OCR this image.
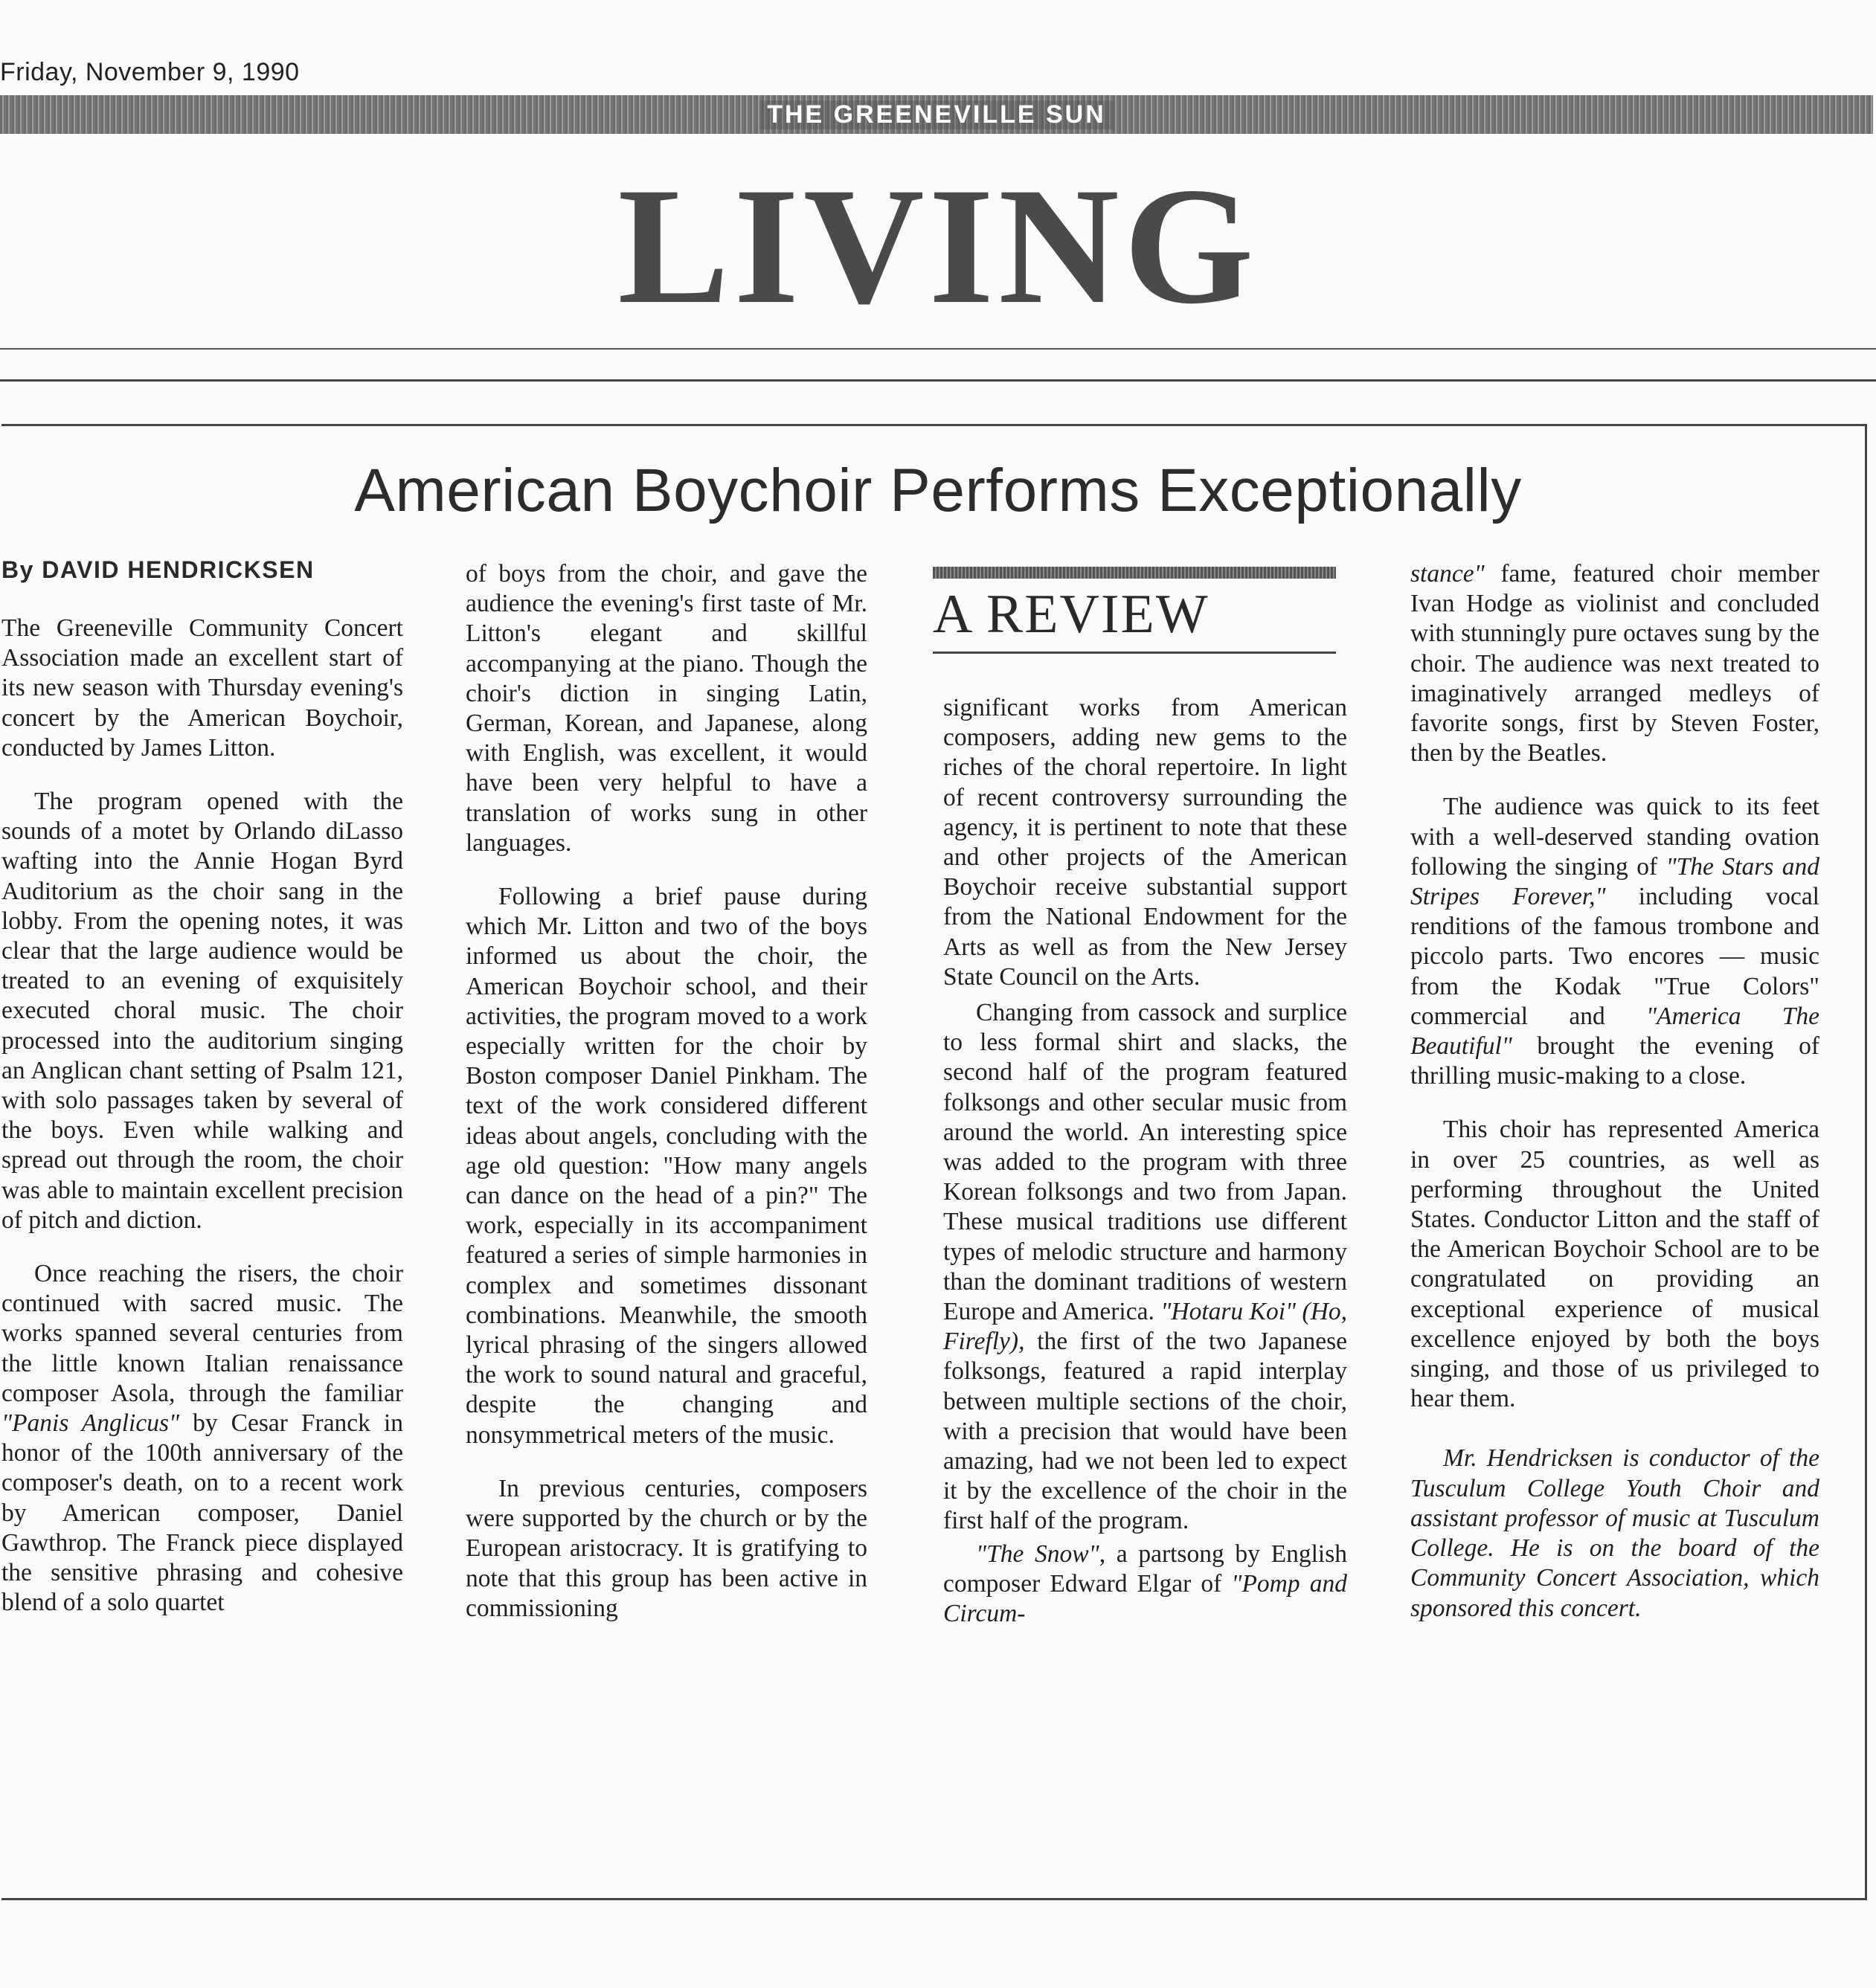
Friday, November 9, 1990
THE GREENEVILLE SUN
LIVING
American Boychoir Performs Exceptionally
By DAVID HENDRICKSEN

The Greeneville Community Concert Association made an excellent start of its new season with Thursday evening's concert by the American Boychoir, conducted by James Litton.

The program opened with the sounds of a motet by Orlando diLasso wafting into the Annie Hogan Byrd Auditorium as the choir sang in the lobby. From the opening notes, it was clear that the large audience would be treated to an evening of exquisitely executed choral music. The choir processed into the auditorium singing an Anglican chant setting of Psalm 121, with solo passages taken by several of the boys. Even while walking and spread out through the room, the choir was able to maintain excellent precision of pitch and diction.

Once reaching the risers, the choir continued with sacred music. The works spanned several centuries from the little known Italian renaissance composer Asola, through the familiar "Panis Anglicus" by Cesar Franck in honor of the 100th anniversary of the composer's death, on to a recent work by American composer, Daniel Gawthrop. The Franck piece displayed the sensitive phrasing and cohesive blend of a solo quartet

of boys from the choir, and gave the audience the evening's first taste of Mr. Litton's elegant and skillful accompanying at the piano. Though the choir's diction in singing Latin, German, Korean, and Japanese, along with English, was excellent, it would have been very helpful to have a translation of works sung in other languages.

Following a brief pause during which Mr. Litton and two of the boys informed us about the choir, the American Boychoir school, and their activities, the program moved to a work especially written for the choir by Boston composer Daniel Pinkham. The text of the work considered different ideas about angels, concluding with the age old question: "How many angels can dance on the head of a pin?" The work, especially in its accompaniment featured a series of simple harmonies in complex and sometimes dissonant combinations. Meanwhile, the smooth lyrical phrasing of the singers allowed the work to sound natural and graceful, despite the changing and nonsymmetrical meters of the music.

In previous centuries, composers were supported by the church or by the European aristocracy. It is gratifying to note that this group has been active in commissioning

A REVIEW

significant works from American composers, adding new gems to the riches of the choral repertoire. In light of recent controversy surrounding the agency, it is pertinent to note that these and other projects of the American Boychoir receive substantial support from the National Endowment for the Arts as well as from the New Jersey State Council on the Arts.

Changing from cassock and surplice to less formal shirt and slacks, the second half of the program featured folksongs and other secular music from around the world. An interesting spice was added to the program with three Korean folksongs and two from Japan. These musical traditions use different types of melodic structure and harmony than the dominant traditions of western Europe and America. "Hotaru Koi" (Ho, Firefly), the first of the two Japanese folksongs, featured a rapid interplay between multiple sections of the choir, with a precision that would have been amazing, had we not been led to expect it by the excellence of the choir in the first half of the program.

"The Snow", a partsong by English composer Edward Elgar of "Pomp and Circum-

stance" fame, featured choir member Ivan Hodge as violinist and concluded with stunningly pure octaves sung by the choir. The audience was next treated to imaginatively arranged medleys of favorite songs, first by Steven Foster, then by the Beatles.

The audience was quick to its feet with a well-deserved standing ovation following the singing of "The Stars and Stripes Forever," including vocal renditions of the famous trombone and piccolo parts. Two encores — music from the Kodak "True Colors" commercial and "America The Beautiful" brought the evening of thrilling music-making to a close.

This choir has represented America in over 25 countries, as well as performing throughout the United States. Conductor Litton and the staff of the American Boychoir School are to be congratulated on providing an exceptional experience of musical excellence enjoyed by both the boys singing, and those of us privileged to hear them.

Mr. Hendricksen is conductor of the Tusculum College Youth Choir and assistant professor of music at Tusculum College. He is on the board of the Community Concert Association, which sponsored this concert.
